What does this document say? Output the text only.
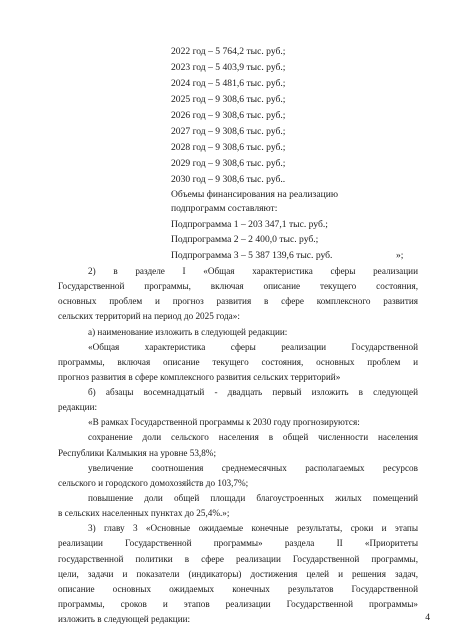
2022 год – 5 764,2 тыс. руб.;
2023 год – 5 403,9 тыс. руб.;
2024 год – 5 481,6 тыс. руб.;
2025 год – 9 308,6 тыс. руб.;
2026 год – 9 308,6 тыс. руб.;
2027 год – 9 308,6 тыс. руб.;
2028 год – 9 308,6 тыс. руб.;
2029 год – 9 308,6 тыс. руб.;
2030 год – 9 308,6 тыс. руб..
Объемы финансирования на реализацию
подпрограмм составляют:
Подпрограмма 1 – 203 347,1 тыс. руб.;
Подпрограмма 2 – 2 400,0 тыс. руб.;
Подпрограмма 3 – 5 387 139,6 тыс. руб.	»;
2) в разделе I «Общая характеристика сферы реализации
Государственной программы, включая описание текущего состояния,
основных проблем и прогноз развития в сфере комплексного развития
сельских территорий на период до 2025 года»:
а) наименование изложить в следующей редакции:
«Общая характеристика сферы реализации Государственной
программы, включая описание текущего состояния, основных проблем и
прогноз развития в сфере комплексного развития сельских территорий»
б) абзацы восемнадцатый - двадцать первый изложить в следующей
редакции:
«В рамках Государственной программы к 2030 году прогнозируются:
сохранение доли сельского населения в общей численности населения
Республики Калмыкия на уровне 53,8%;
увеличение соотношения среднемесячных располагаемых ресурсов
сельского и городского домохозяйств до 103,7%;
повышение доли общей площади благоустроенных жилых помещений
в сельских населенных пунктах до 25,4%.»;
3) главу 3 «Основные ожидаемые конечные результаты, сроки и этапы
реализации Государственной программы» раздела II «Приоритеты
государственной политики в сфере реализации Государственной программы,
цели, задачи и показатели (индикаторы) достижения целей и решения задач,
описание основных ожидаемых конечных результатов Государственной
программы, сроков и этапов реализации Государственной программы»
изложить в следующей редакции:	4
